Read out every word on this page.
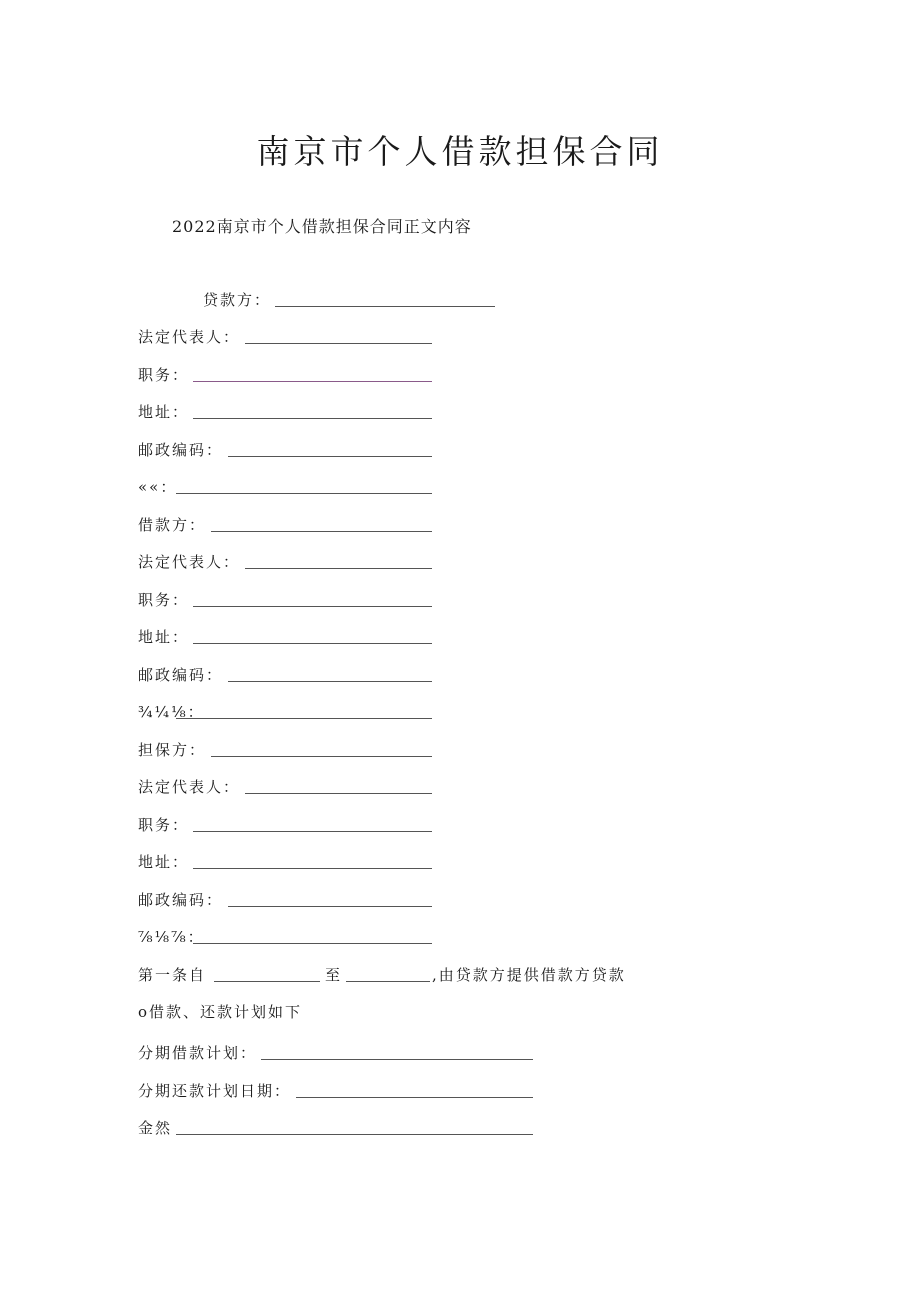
南京市个人借款担保合同
2022南京市个人借款担保合同正文内容
贷款方：
法定代表人：
职务：
地址：
邮政编码：
««：
借款方：
法定代表人：
职务：
地址：
邮政编码：
¾¼⅛：
担保方：
法定代表人：
职务：
地址：
邮政编码：
⅞⅛⅞：
第一条自	至	,由贷款方提供借款方贷款
o借款、还款计划如下
分期借款计划：
分期还款计划日期：
金然
